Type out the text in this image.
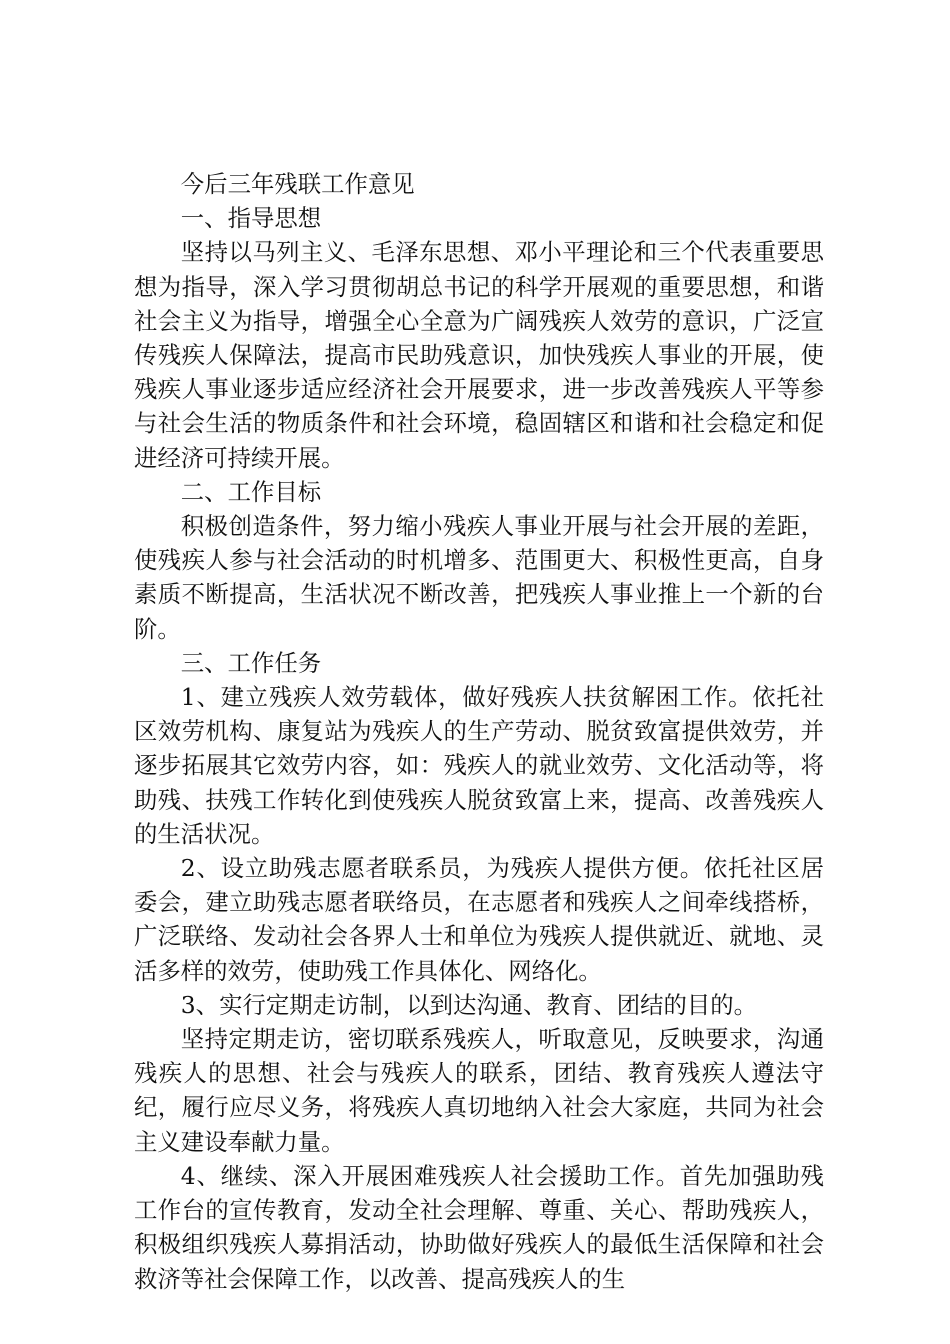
今后三年残联工作意见

一、指导思想

坚持以马列主义、毛泽东思想、邓小平理论和三个代表重要思想为指导，深入学习贯彻胡总书记的科学开展观的重要思想，和谐社会主义为指导，增强全心全意为广阔残疾人效劳的意识，广泛宣传残疾人保障法，提高市民助残意识，加快残疾人事业的开展，使残疾人事业逐步适应经济社会开展要求，进一步改善残疾人平等参与社会生活的物质条件和社会环境，稳固辖区和谐和社会稳定和促进经济可持续开展。

二、工作目标

积极创造条件，努力缩小残疾人事业开展与社会开展的差距，使残疾人参与社会活动的时机增多、范围更大、积极性更高，自身素质不断提高，生活状况不断改善，把残疾人事业推上一个新的台阶。

三、工作任务

1、建立残疾人效劳载体，做好残疾人扶贫解困工作。依托社区效劳机构、康复站为残疾人的生产劳动、脱贫致富提供效劳，并逐步拓展其它效劳内容，如：残疾人的就业效劳、文化活动等，将助残、扶残工作转化到使残疾人脱贫致富上来，提高、改善残疾人的生活状况。

2、设立助残志愿者联系员，为残疾人提供方便。依托社区居委会，建立助残志愿者联络员，在志愿者和残疾人之间牵线搭桥，广泛联络、发动社会各界人士和单位为残疾人提供就近、就地、灵活多样的效劳，使助残工作具体化、网络化。

3、实行定期走访制，以到达沟通、教育、团结的目的。

坚持定期走访，密切联系残疾人，听取意见，反映要求，沟通残疾人的思想、社会与残疾人的联系，团结、教育残疾人遵法守纪，履行应尽义务，将残疾人真切地纳入社会大家庭，共同为社会主义建设奉献力量。

4、继续、深入开展困难残疾人社会援助工作。首先加强助残工作台的宣传教育，发动全社会理解、尊重、关心、帮助残疾人，积极组织残疾人募捐活动，协助做好残疾人的最低生活保障和社会救济等社会保障工作，以改善、提高残疾人的生
